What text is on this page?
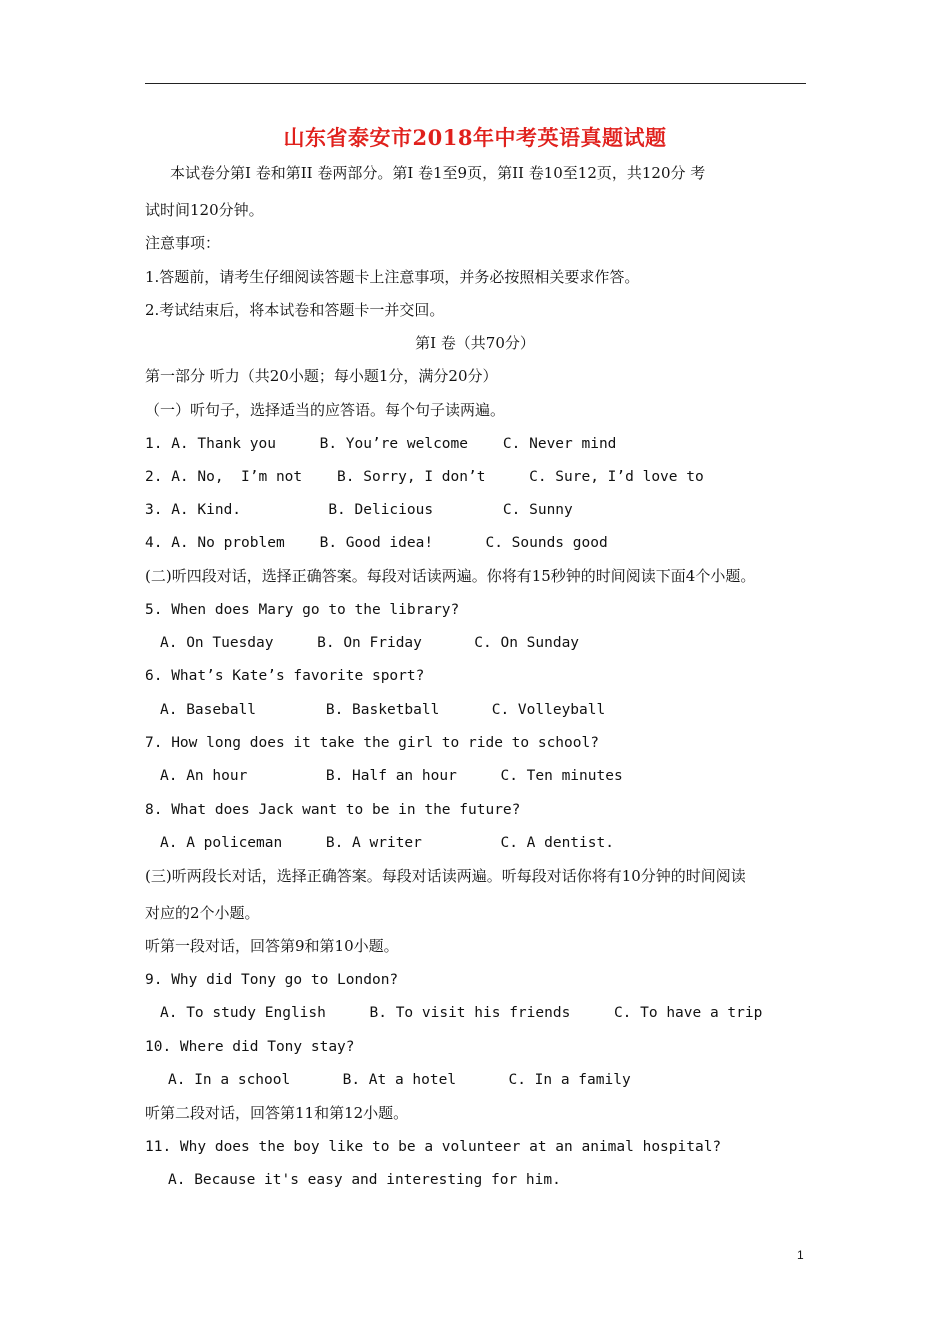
山东省泰安市2018年中考英语真题试题
本试卷分第Ⅰ 卷和第II 卷两部分。第Ⅰ 卷1至9页，第II 卷10至12页，共120分 考
试时间120分钟。
注意事项：
1.答题前，请考生仔细阅读答题卡上注意事项，并务必按照相关要求作答。
2.考试结束后，将本试卷和答题卡一并交回。
第Ⅰ 卷（共70分）
第一部分 听力（共20小题；每小题1分，满分20分）
（一）听句子，选择适当的应答语。每个句子读两遍。
1. A. Thank you     B. You’re welcome    C. Never mind
2. A. No,  I’m not    B. Sorry, I don’t     C. Sure, I’d love to
3. A. Kind.          B. Delicious        C. Sunny
4. A. No problem    B. Good idea!      C. Sounds good
(二)听四段对话，选择正确答案。每段对话读两遍。你将有15秒钟的时间阅读下面4个小题。
5. When does Mary go to the library?
A. On Tuesday     B. On Friday      C. On Sunday
6. What’s Kate’s favorite sport?
A. Baseball        B. Basketball      C. Volleyball
7. How long does it take the girl to ride to school?
A. An hour         B. Half an hour     C. Ten minutes
8. What does Jack want to be in the future?
A. A policeman     B. A writer         C. A dentist.
(三)听两段长对话，选择正确答案。每段对话读两遍。听每段对话你将有10分钟的时间阅读
对应的2个小题。
听第一段对话，回答第9和第10小题。
9. Why did Tony go to London?
A. To study English     B. To visit his friends     C. To have a trip
10. Where did Tony stay?
A. In a school      B. At a hotel      C. In a family
听第二段对话，回答第11和第12小题。
11. Why does the boy like to be a volunteer at an animal hospital?
A. Because it's easy and interesting for him.
1
